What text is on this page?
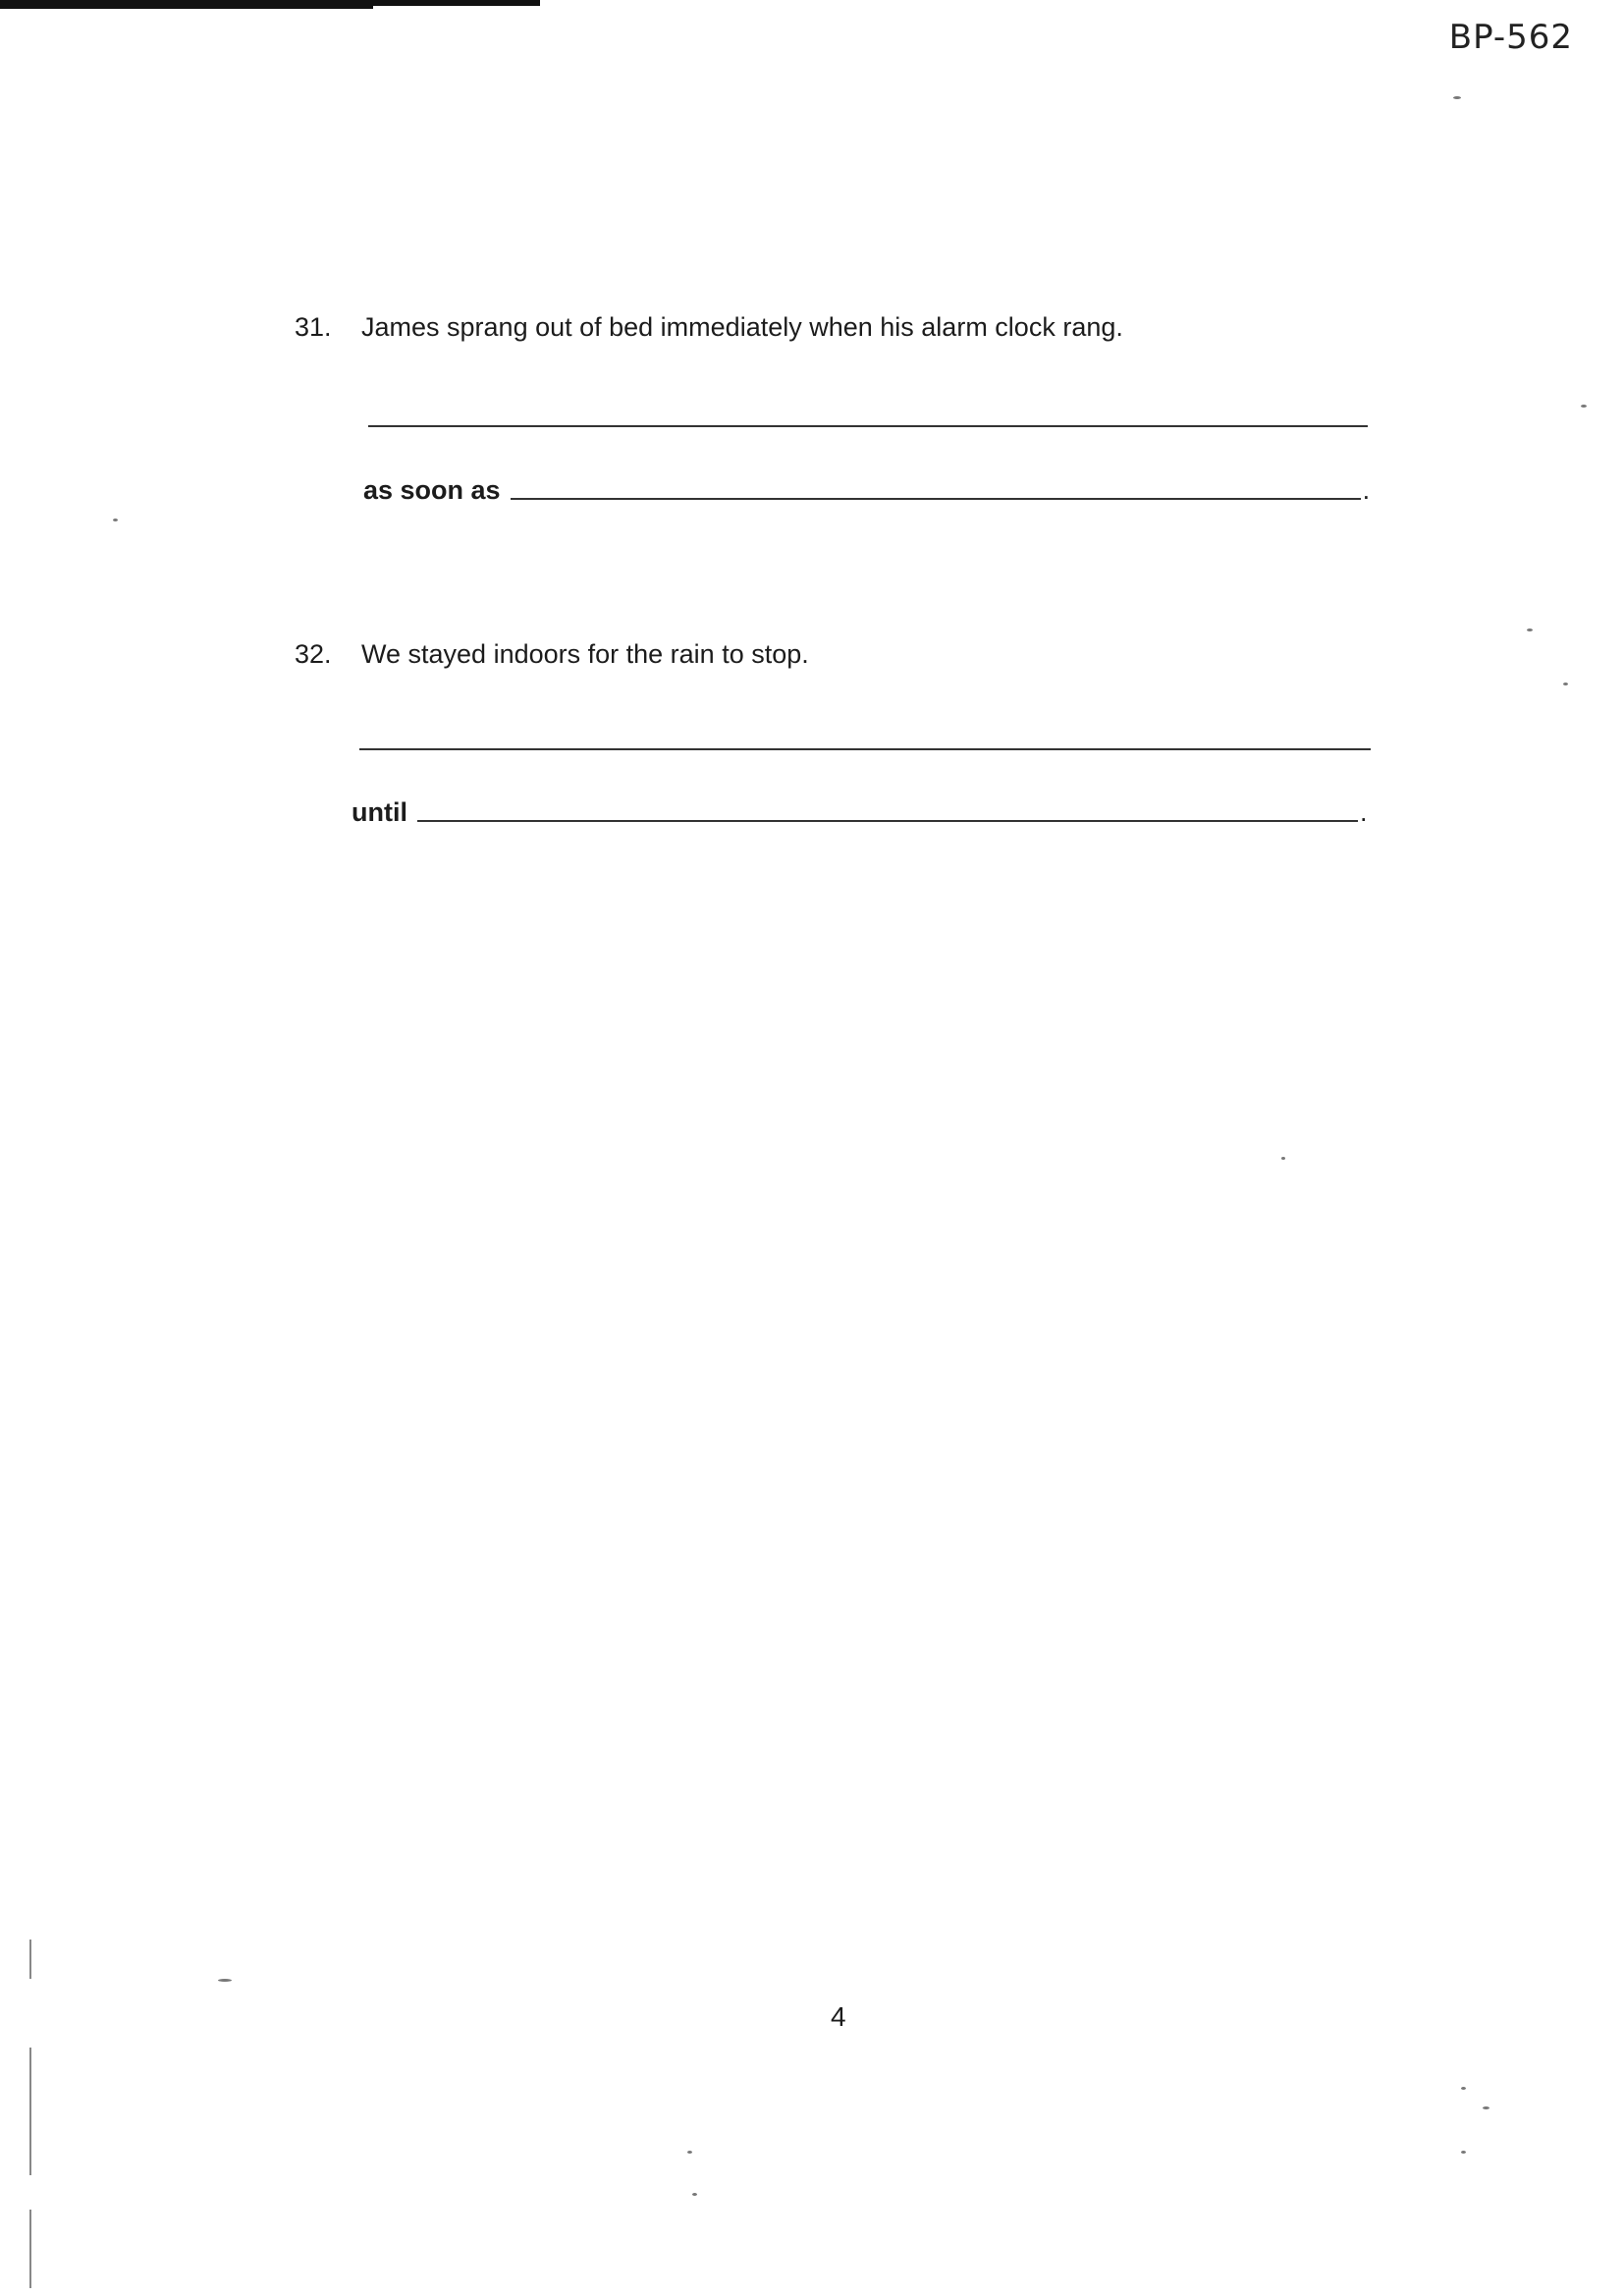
BP-562
31. James sprang out of bed immediately when his alarm clock rang.
as soon as	.
32. We stayed indoors for the rain to stop.
until	.
4
